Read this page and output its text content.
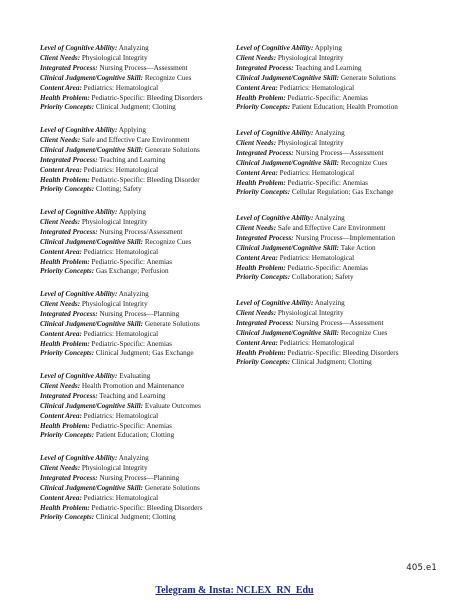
Level of Cognitive Ability: Analyzing
Client Needs: Physiological Integrity
Integrated Process: Nursing Process—Assessment
Clinical Judgment/Cognitive Skill: Recognize Cues
Content Area: Pediatrics: Hematological
Health Problem: Pediatric-Specific: Bleeding Disorders
Priority Concepts: Clinical Judgment; Clotting
Level of Cognitive Ability: Applying
Client Needs: Safe and Effective Care Environment
Clinical Judgment/Cognitive Skill: Generate Solutions
Integrated Process: Teaching and Learning
Content Area: Pediatrics: Hematological
Health Problem: Pediatric-Specific: Bleeding Disorder
Priority Concepts: Clotting; Safety
Level of Cognitive Ability: Applying
Client Needs: Physiological Integrity
Integrated Process: Nursing Process/Assessment
Clinical Judgment/Cognitive Skill: Recognize Cues
Content Area: Pediatrics: Hematological
Health Problem: Pediatric-Specific: Anemias
Priority Concepts: Gas Exchange; Perfusion
Level of Cognitive Ability: Analyzing
Client Needs: Physiological Integrity
Integrated Process: Nursing Process—Planning
Clinical Judgment/Cognitive Skill: Generate Solutions
Content Area: Pediatrics: Hematological
Health Problem: Pediatric-Specific: Anemias
Priority Concepts: Clinical Judgment; Gas Exchange
Level of Cognitive Ability: Evaluating
Client Needs: Health Promotion and Maintenance
Integrated Process: Teaching and Learning
Clinical Judgment/Cognitive Skill: Evaluate Outcomes
Content Area: Pediatrics: Hematological
Health Problem: Pediatric-Specific: Anemias
Priority Concepts: Patient Education; Clotting
Level of Cognitive Ability: Analyzing
Client Needs: Physiological Integrity
Integrated Process: Nursing Process—Planning
Clinical Judgment/Cognitive Skill: Generate Solutions
Content Area: Pediatrics: Hematological
Health Problem: Pediatric-Specific: Bleeding Disorders
Priority Concepts: Clinical Judgment; Clotting
Level of Cognitive Ability: Applying
Client Needs: Physiological Integrity
Integrated Process: Teaching and Learning
Clinical Judgment/Cognitive Skill: Generate Solutions
Content Area: Pediatrics: Hematological
Health Problem: Pediatric-Specific: Anemias
Priority Concepts: Patient Education; Health Promotion
Level of Cognitive Ability: Analyzing
Client Needs: Physiological Integrity
Integrated Process: Nursing Process—Assessment
Clinical Judgment/Cognitive Skill: Recognize Cues
Content Area: Pediatrics: Hematological
Health Problem: Pediatric-Specific: Anemias
Priority Concepts: Cellular Regulation; Gas Exchange
Level of Cognitive Ability: Analyzing
Client Needs: Safe and Effective Care Environment
Integrated Process: Nursing Process—Implementation
Clinical Judgment/Cognitive Skill: Take Action
Content Area: Pediatrics: Hematological
Health Problem: Pediatric-Specific: Anemias
Priority Concepts: Collaboration; Safety
Level of Cognitive Ability: Analyzing
Client Needs: Physiological Integrity
Integrated Process: Nursing Process—Assessment
Clinical Judgment/Cognitive Skill: Recognize Cues
Content Area: Pediatrics: Hematological
Health Problem: Pediatric-Specific: Bleeding Disorders
Priority Concepts: Clinical Judgment; Clotting
405.e1
Telegram & Insta: NCLEX_RN_Edu
